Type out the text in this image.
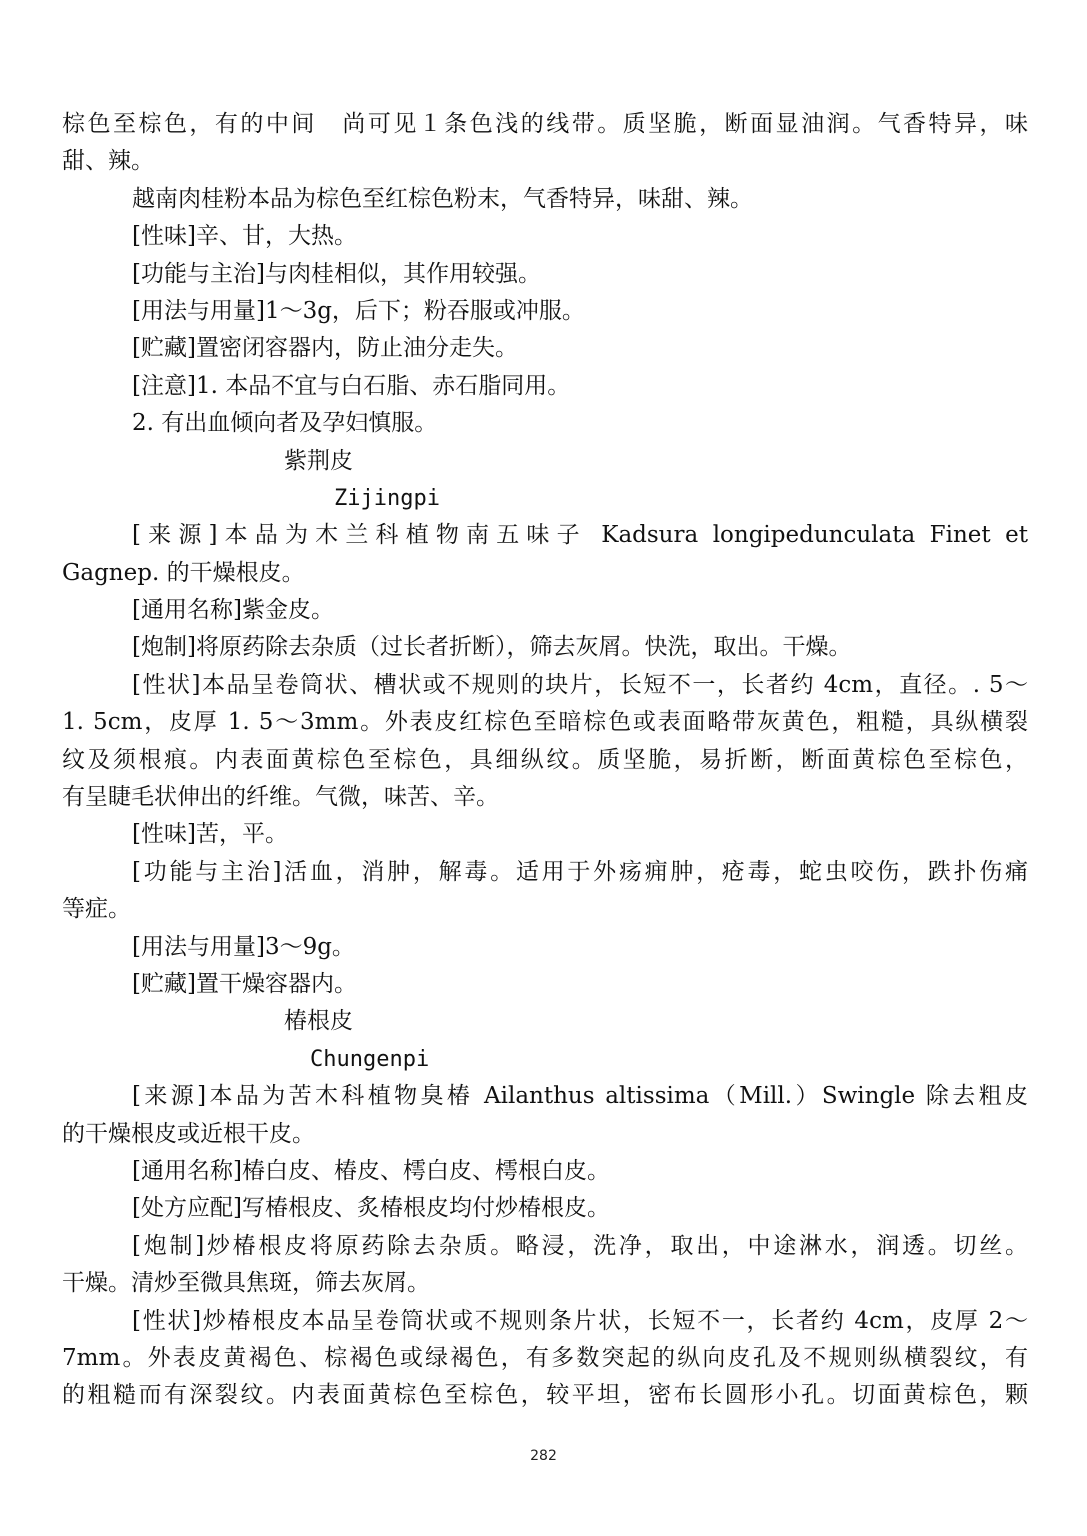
棕色至棕色，有的中间　尚可见１条色浅的线带。质坚脆，断面显油润。气香特异，味
甜、辣。
越南肉桂粉本品为棕色至红棕色粉末，气香特异，味甜、辣。
[性味]辛、甘，大热。
[功能与主治]与肉桂相似，其作用较强。
[用法与用量]1～3g，后下；粉吞服或冲服。
[贮藏]置密闭容器内，防止油分走失。
[注意]1. 本品不宜与白石脂、赤石脂同用。
2. 有出血倾向者及孕妇慎服。
紫荆皮
Zijingpi
[来源]本品为木兰科植物南五味子 Kadsura longipedunculata Finet et
Gagnep. 的干燥根皮。
[通用名称]紫金皮。
[炮制]将原药除去杂质（过长者折断），筛去灰屑。快洗，取出。干燥。
[性状]本品呈卷筒状、槽状或不规则的块片，长短不一，长者约 4cm，直径。. 5～
1. 5cm，皮厚 1. 5～3mm。外表皮红棕色至暗棕色或表面略带灰黄色，粗糙，具纵横裂
纹及须根痕。内表面黄棕色至棕色，具细纵纹。质坚脆，易折断，断面黄棕色至棕色，
有呈睫毛状伸出的纤维。气微，味苦、辛。
[性味]苦，平。
[功能与主治]活血，消肿，解毒。适用于外疡痈肿，疮毒，蛇虫咬伤，跌扑伤痛
等症。
[用法与用量]3～9g。
[贮藏]置干燥容器内。
椿根皮
Chungenpi
[来源]本品为苦木科植物臭椿 Ailanthus altissima（Mill.）Swingle 除去粗皮
的干燥根皮或近根干皮。
[通用名称]椿白皮、椿皮、樗白皮、樗根白皮。
[处方应配]写椿根皮、炙椿根皮均付炒椿根皮。
[炮制]炒椿根皮将原药除去杂质。略浸，洗净，取出，中途淋水，润透。切丝。
干燥。清炒至微具焦斑，筛去灰屑。
[性状]炒椿根皮本品呈卷筒状或不规则条片状，长短不一，长者约 4cm，皮厚 2～
7mm。外表皮黄褐色、棕褐色或绿褐色，有多数突起的纵向皮孔及不规则纵横裂纹，有
的粗糙而有深裂纹。内表面黄棕色至棕色，较平坦，密布长圆形小孔。切面黄棕色，颗
282
